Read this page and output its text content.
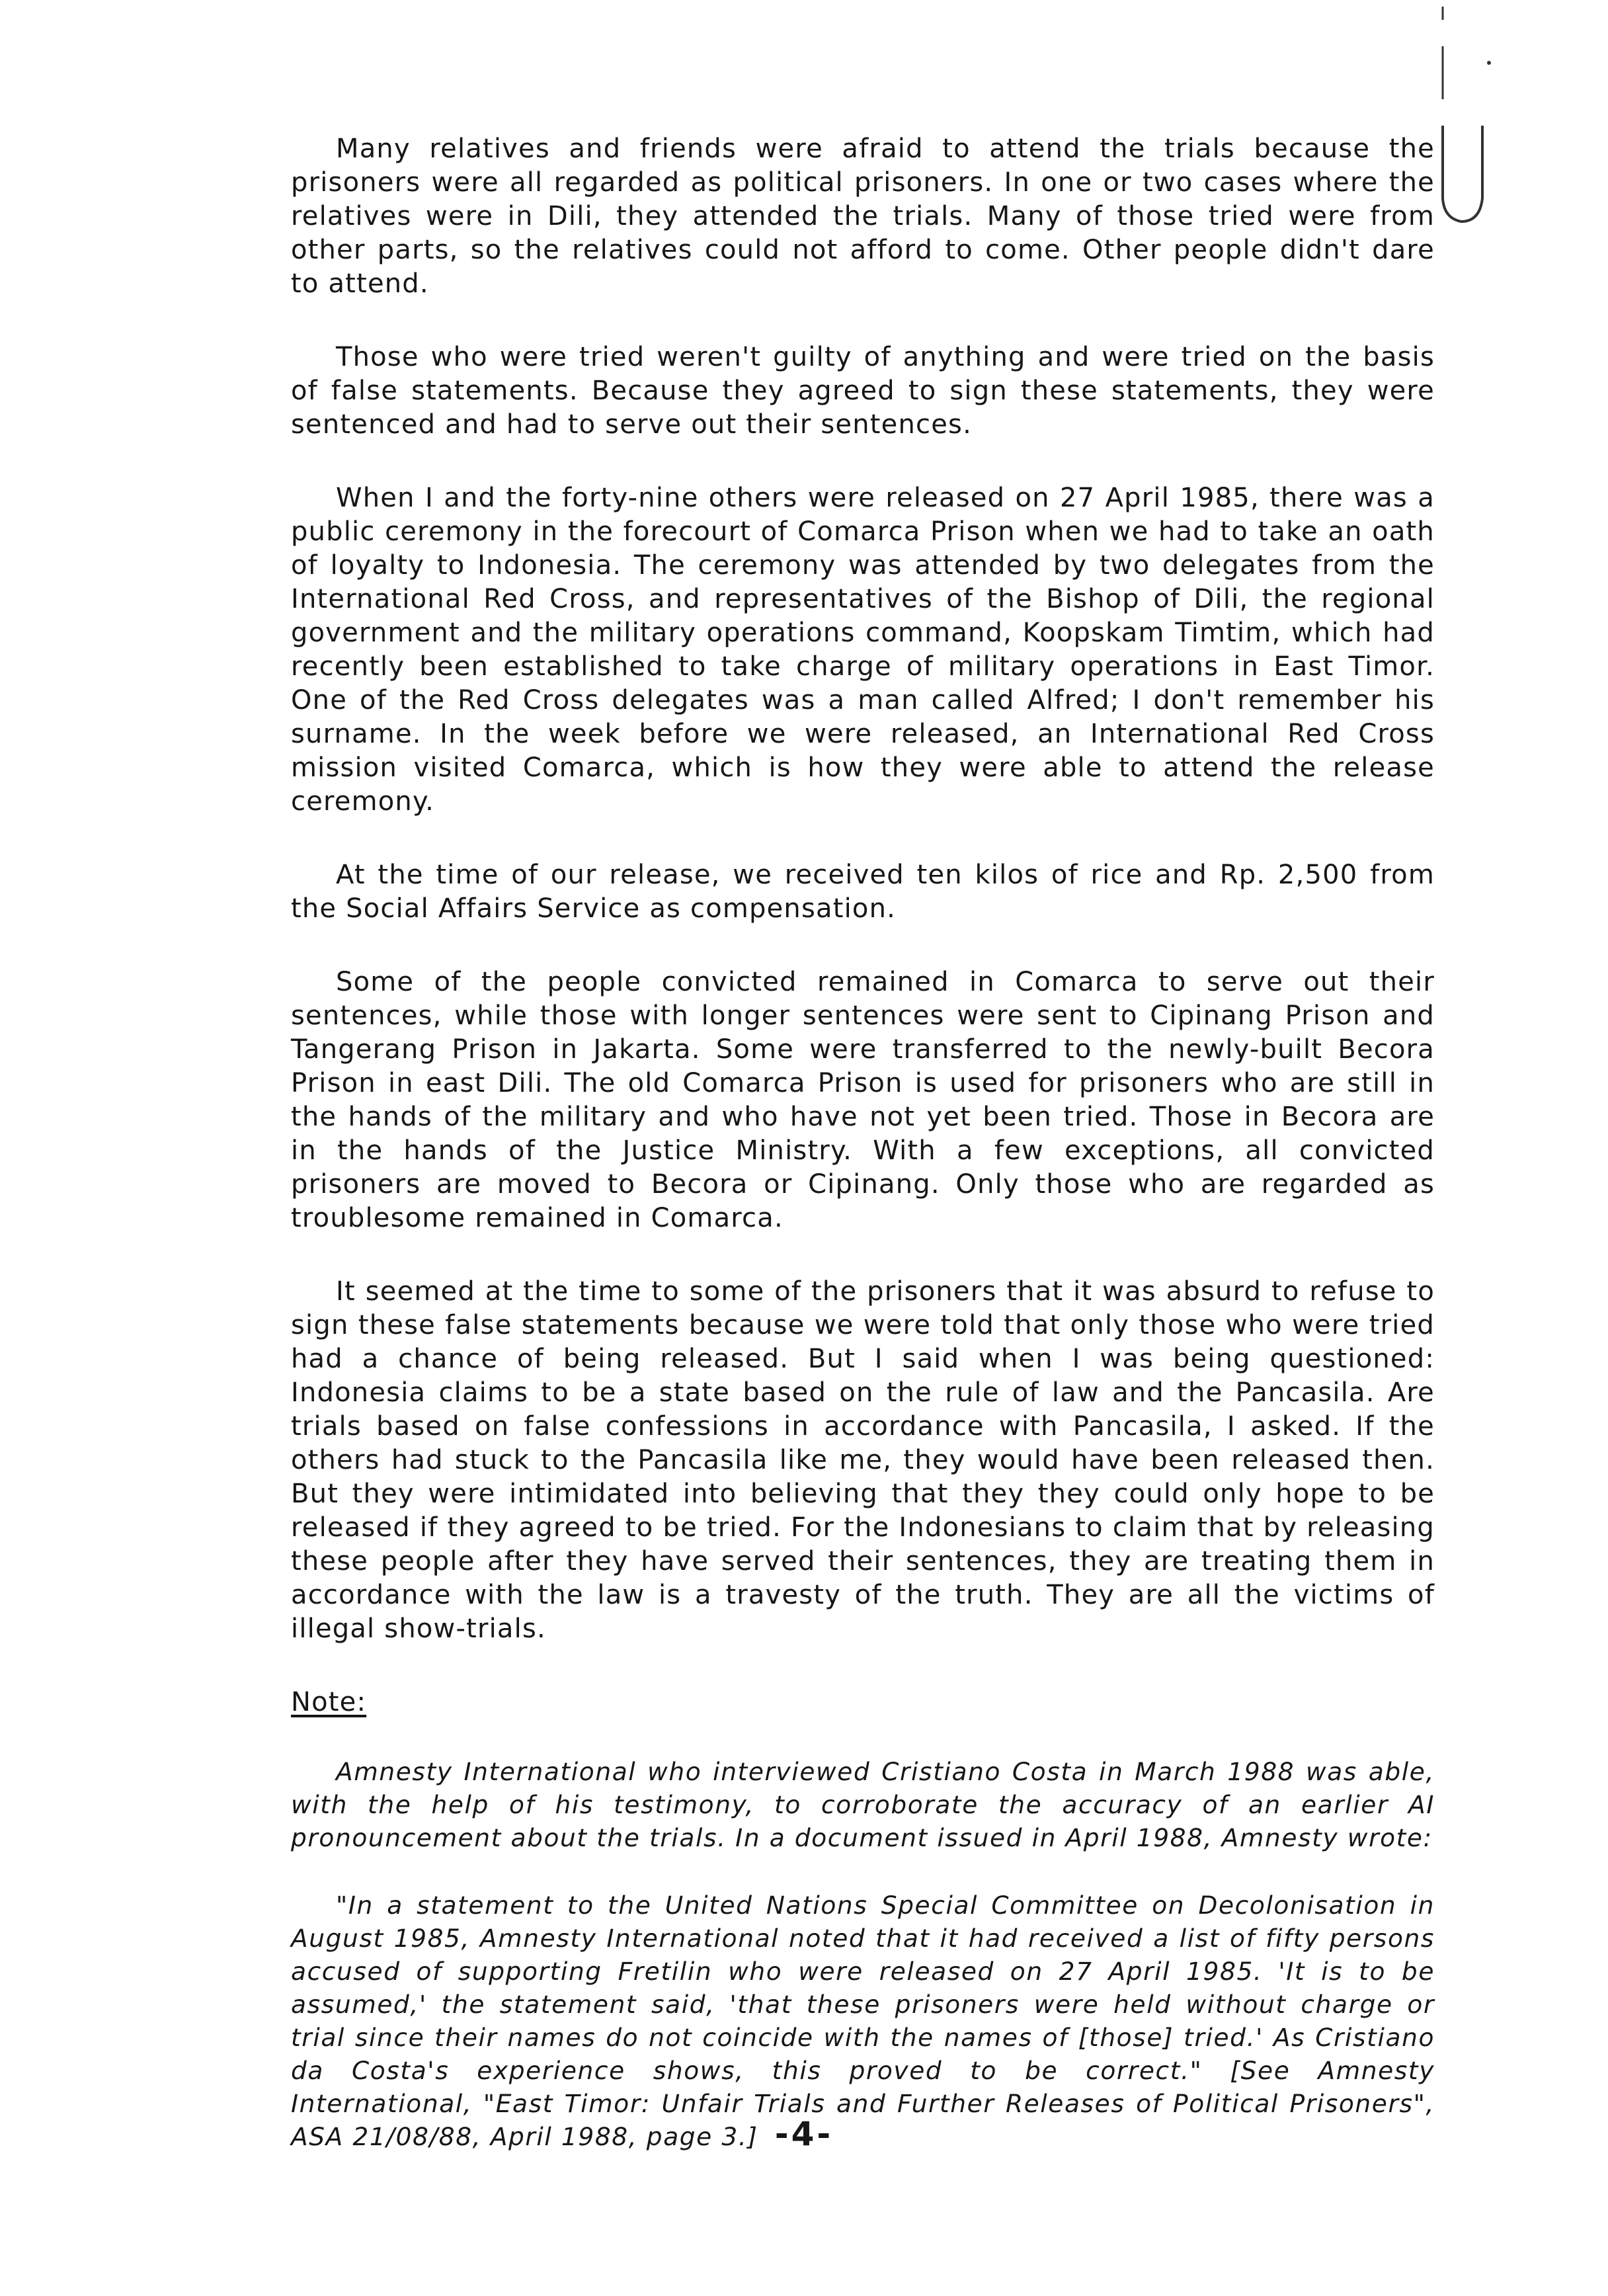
Many relatives and friends were afraid to attend the trials because the prisoners were all regarded as political prisoners. In one or two cases where the relatives were in Dili, they attended the trials. Many of those tried were from other parts, so the relatives could not afford to come. Other people didn't dare to attend.

Those who were tried weren't guilty of anything and were tried on the basis of false statements. Because they agreed to sign these statements, they were sentenced and had to serve out their sentences.

When I and the forty-nine others were released on 27 April 1985, there was a public ceremony in the forecourt of Comarca Prison when we had to take an oath of loyalty to Indonesia. The ceremony was attended by two delegates from the International Red Cross, and representatives of the Bishop of Dili, the regional government and the military operations command, Koopskam Timtim, which had recently been established to take charge of military operations in East Timor. One of the Red Cross delegates was a man called Alfred; I don't remember his surname. In the week before we were released, an International Red Cross mission visited Comarca, which is how they were able to attend the release ceremony.

At the time of our release, we received ten kilos of rice and Rp. 2,500 from the Social Affairs Service as compensation.

Some of the people convicted remained in Comarca to serve out their sentences, while those with longer sentences were sent to Cipinang Prison and Tangerang Prison in Jakarta. Some were transferred to the newly-built Becora Prison in east Dili. The old Comarca Prison is used for prisoners who are still in the hands of the military and who have not yet been tried. Those in Becora are in the hands of the Justice Ministry. With a few exceptions, all convicted prisoners are moved to Becora or Cipinang. Only those who are regarded as troublesome remained in Comarca.

It seemed at the time to some of the prisoners that it was absurd to refuse to sign these false statements because we were told that only those who were tried had a chance of being released. But I said when I was being questioned: Indonesia claims to be a state based on the rule of law and the Pancasila. Are trials based on false confessions in accordance with Pancasila, I asked. If the others had stuck to the Pancasila like me, they would have been released then. But they were intimidated into believing that they they could only hope to be released if they agreed to be tried. For the Indonesians to claim that by releasing these people after they have served their sentences, they are treating them in accordance with the law is a travesty of the truth. They are all the victims of illegal show-trials.

Note:

Amnesty International who interviewed Cristiano Costa in March 1988 was able, with the help of his testimony, to corroborate the accuracy of an earlier AI pronouncement about the trials. In a document issued in April 1988, Amnesty wrote:

"In a statement to the United Nations Special Committee on Decolonisation in August 1985, Amnesty International noted that it had received a list of fifty persons accused of supporting Fretilin who were released on 27 April 1985. 'It is to be assumed,' the statement said, 'that these prisoners were held without charge or trial since their names do not coincide with the names of [those] tried.' As Cristiano da Costa's experience shows, this proved to be correct." [See Amnesty International, "East Timor: Unfair Trials and Further Releases of Political Prisoners", ASA 21/08/88, April 1988, page 3.] -4-
